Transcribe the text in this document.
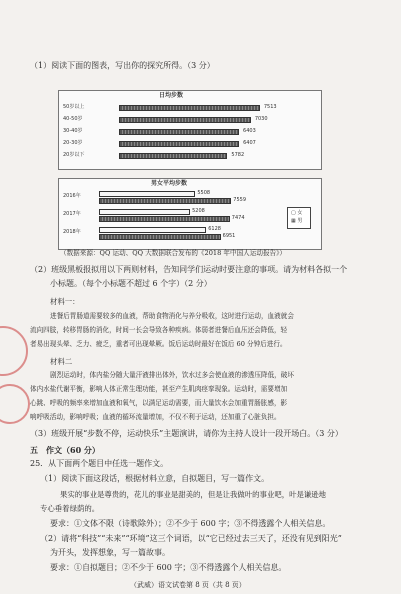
（1）阅读下面的图表，写出你的探究所得。（3 分）
日均步数
50岁以上	7513
40-50岁	7030
30-40岁	6403
20-30岁	6407
20岁以下	5782
男女平均步数
2016年	5508
7559
2017年	5208
7474
2018年	6128
6951
▢ 女
▦ 男
（数据来源：QQ 运动、QQ 大数据联合发布的《2018 年中国人运动报告》）
（2）班级黑板报拟用以下两则材料，告知同学们运动时要注意的事项。请为材料各拟一个
小标题。（每个小标题不超过 6 个字）（2 分）
材料一：
进餐后胃肠道需要较多的血液，帮助食物消化与养分吸收，这时进行运动，血液就会
流向四肢，转移胃肠的消化，时间一长会导致各种疾病。体弱者进餐后血压还会降低，轻
者易出现头晕、乏力、疲乏，重者可出现晕厥。饭后运动时最好在饭后 60 分钟后进行。
材料二
剧烈运动时，体内盐分随大量汗液排出体外，饮水过多会使血液的渗透压降低，破坏
体内水盐代谢平衡，影响人体正常生理功能，甚至产生肌肉痉挛现象。运动时，需要增加
心跳、呼吸的频率来增加血液和氧气，以满足运动需要，而大量饮水会加重胃肠胀感，影
响呼吸活动，影响呼吸；血液的循环流量增加，不仅不利于运动，还加重了心脏负担。
（3）班级开展“步数不停，运动快乐”主题演讲，请你为主持人设计一段开场白。（3 分）
五　作文（60 分）
25．从下面两个题目中任选一题作文。
（1）阅读下面这段话，根据材料立意，自拟题目，写一篇作文。
果实的事业是尊贵的，花儿的事业是甜美的，但是让我做叶的事业吧，叶是谦逊地
专心垂着绿荫的。
要求：①文体不限（诗歌除外）；②不少于 600 字；③不得透露个人相关信息。
（2）请将“科技”“未来”“环境”这三个词语，以“它已经过去三天了，还没有见到阳光”
为开头，发挥想象，写一篇故事。
要求：①自拟题目；②不少于 600 字；③不得透露个人相关信息。
（武威）语文试卷第 8 页（共 8 页）
